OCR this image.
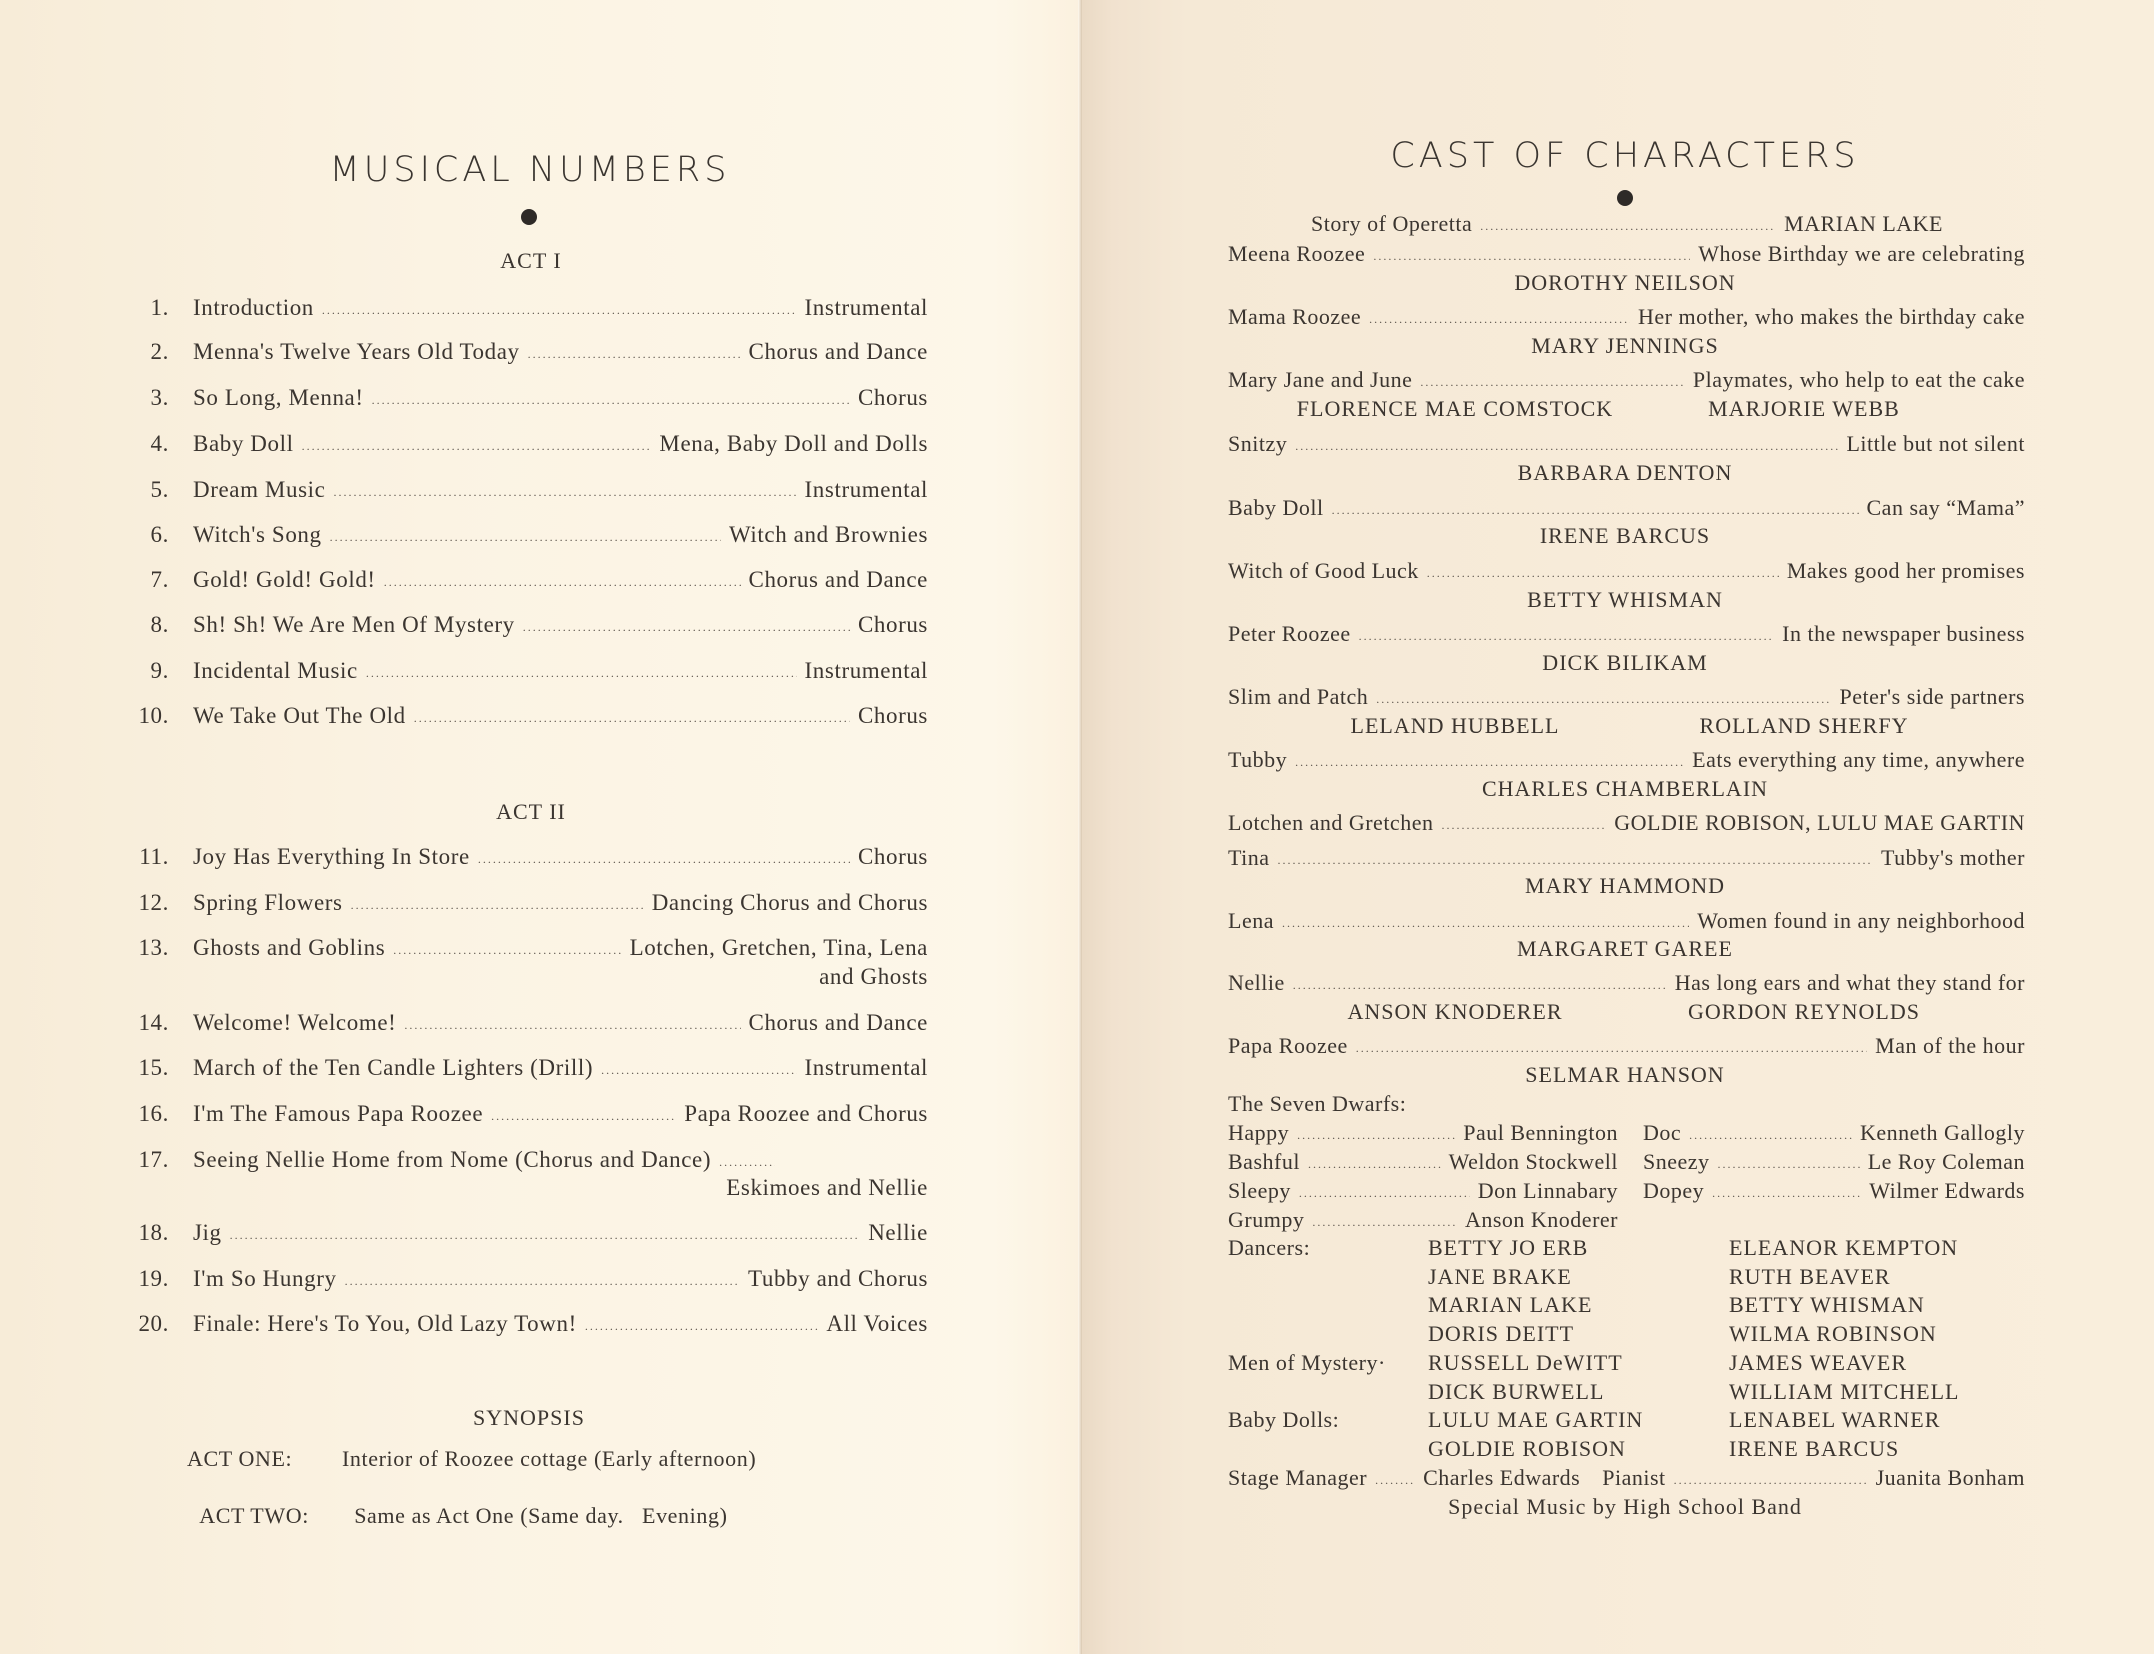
MUSICAL NUMBERS
ACT I
1. Introduction .....	Instrumental
2. Menna's Twelve Years Old Today .....	Chorus and Dance
3. So Long, Menna! .....	Chorus
4. Baby Doll .....	Mena, Baby Doll and Dolls
5. Dream Music .....	Instrumental
6. Witch's Song .....	Witch and Brownies
7. Gold! Gold! Gold! .....	Chorus and Dance
8. Sh! Sh! We Are Men Of Mystery .....	Chorus
9. Incidental Music .....	Instrumental
10. We Take Out The Old .....	Chorus
ACT II
11. Joy Has Everything In Store .....	Chorus
12. Spring Flowers .....	Dancing Chorus and Chorus
13. Ghosts and Goblins .....	Lotchen, Gretchen, Tina, Lena
and Ghosts
14. Welcome! Welcome! .....	Chorus and Dance
15. March of the Ten Candle Lighters (Drill) .....	Instrumental
16. I'm The Famous Papa Roozee .....	Papa Roozee and Chorus
17. Seeing Nellie Home from Nome (Chorus and Dance)
.....
Eskimoes and Nellie
18. Jig .....	Nellie
19. I'm So Hungry .....	Tubby and Chorus
20. Finale: Here's To You, Old Lazy Town! .....	All Voices
SYNOPSIS
ACT ONE: Interior of Roozee cottage (Early afternoon)

ACT TWO: Same as Act One (Same day.   Evening)

CAST OF CHARACTERS
Story of Operetta .....	MARIAN LAKE
Meena Roozee .....	Whose Birthday we are celebrating
DOROTHY NEILSON
Mama Roozee .....	Her mother, who makes the birthday cake
MARY JENNINGS
Mary Jane and June .....	Playmates, who help to eat the cake
FLORENCE MAE COMSTOCK	MARJORIE WEBB
Snitzy .....	Little but not silent
BARBARA DENTON
Baby Doll .....	Can say “Mama”
IRENE BARCUS
Witch of Good Luck .....	Makes good her promises
BETTY WHISMAN
Peter Roozee .....	In the newspaper business
DICK BILIKAM
Slim and Patch .....	Peter's side partners
LELAND HUBBELL	ROLLAND SHERFY
Tubby .....	Eats everything any time, anywhere
CHARLES CHAMBERLAIN
Lotchen and Gretchen .....	GOLDIE ROBISON, LULU MAE GARTIN
Tina .....	Tubby's mother
MARY HAMMOND
Lena .....	Women found in any neighborhood
MARGARET GAREE
Nellie .....	Has long ears and what they stand for
ANSON KNODERER	GORDON REYNOLDS
Papa Roozee .....	Man of the hour
SELMAR HANSON
The Seven Dwarfs:
Happy .....	Paul Bennington Doc .....	Kenneth Gallogly
Bashful .....	Weldon Stockwell Sneezy .....	Le Roy Coleman
Sleepy .....	Don Linnabary Dopey .....	Wilmer Edwards
Grumpy .....	Anson Knoderer
Dancers:	BETTY JO ERB	ELEANOR KEMPTON
JANE BRAKE	RUTH BEAVER
MARIAN LAKE	BETTY WHISMAN
DORIS DEITT	WILMA ROBINSON
Men of Mystery· RUSSELL DeWITT	JAMES WEAVER
DICK BURWELL	WILLIAM MITCHELL
Baby Dolls:	LULU MAE GARTIN	LENABEL WARNER
GOLDIE ROBISON	IRENE BARCUS
Stage Manager .....	Charles Edwards Pianist .....	Juanita Bonham
Special Music by High School Band
